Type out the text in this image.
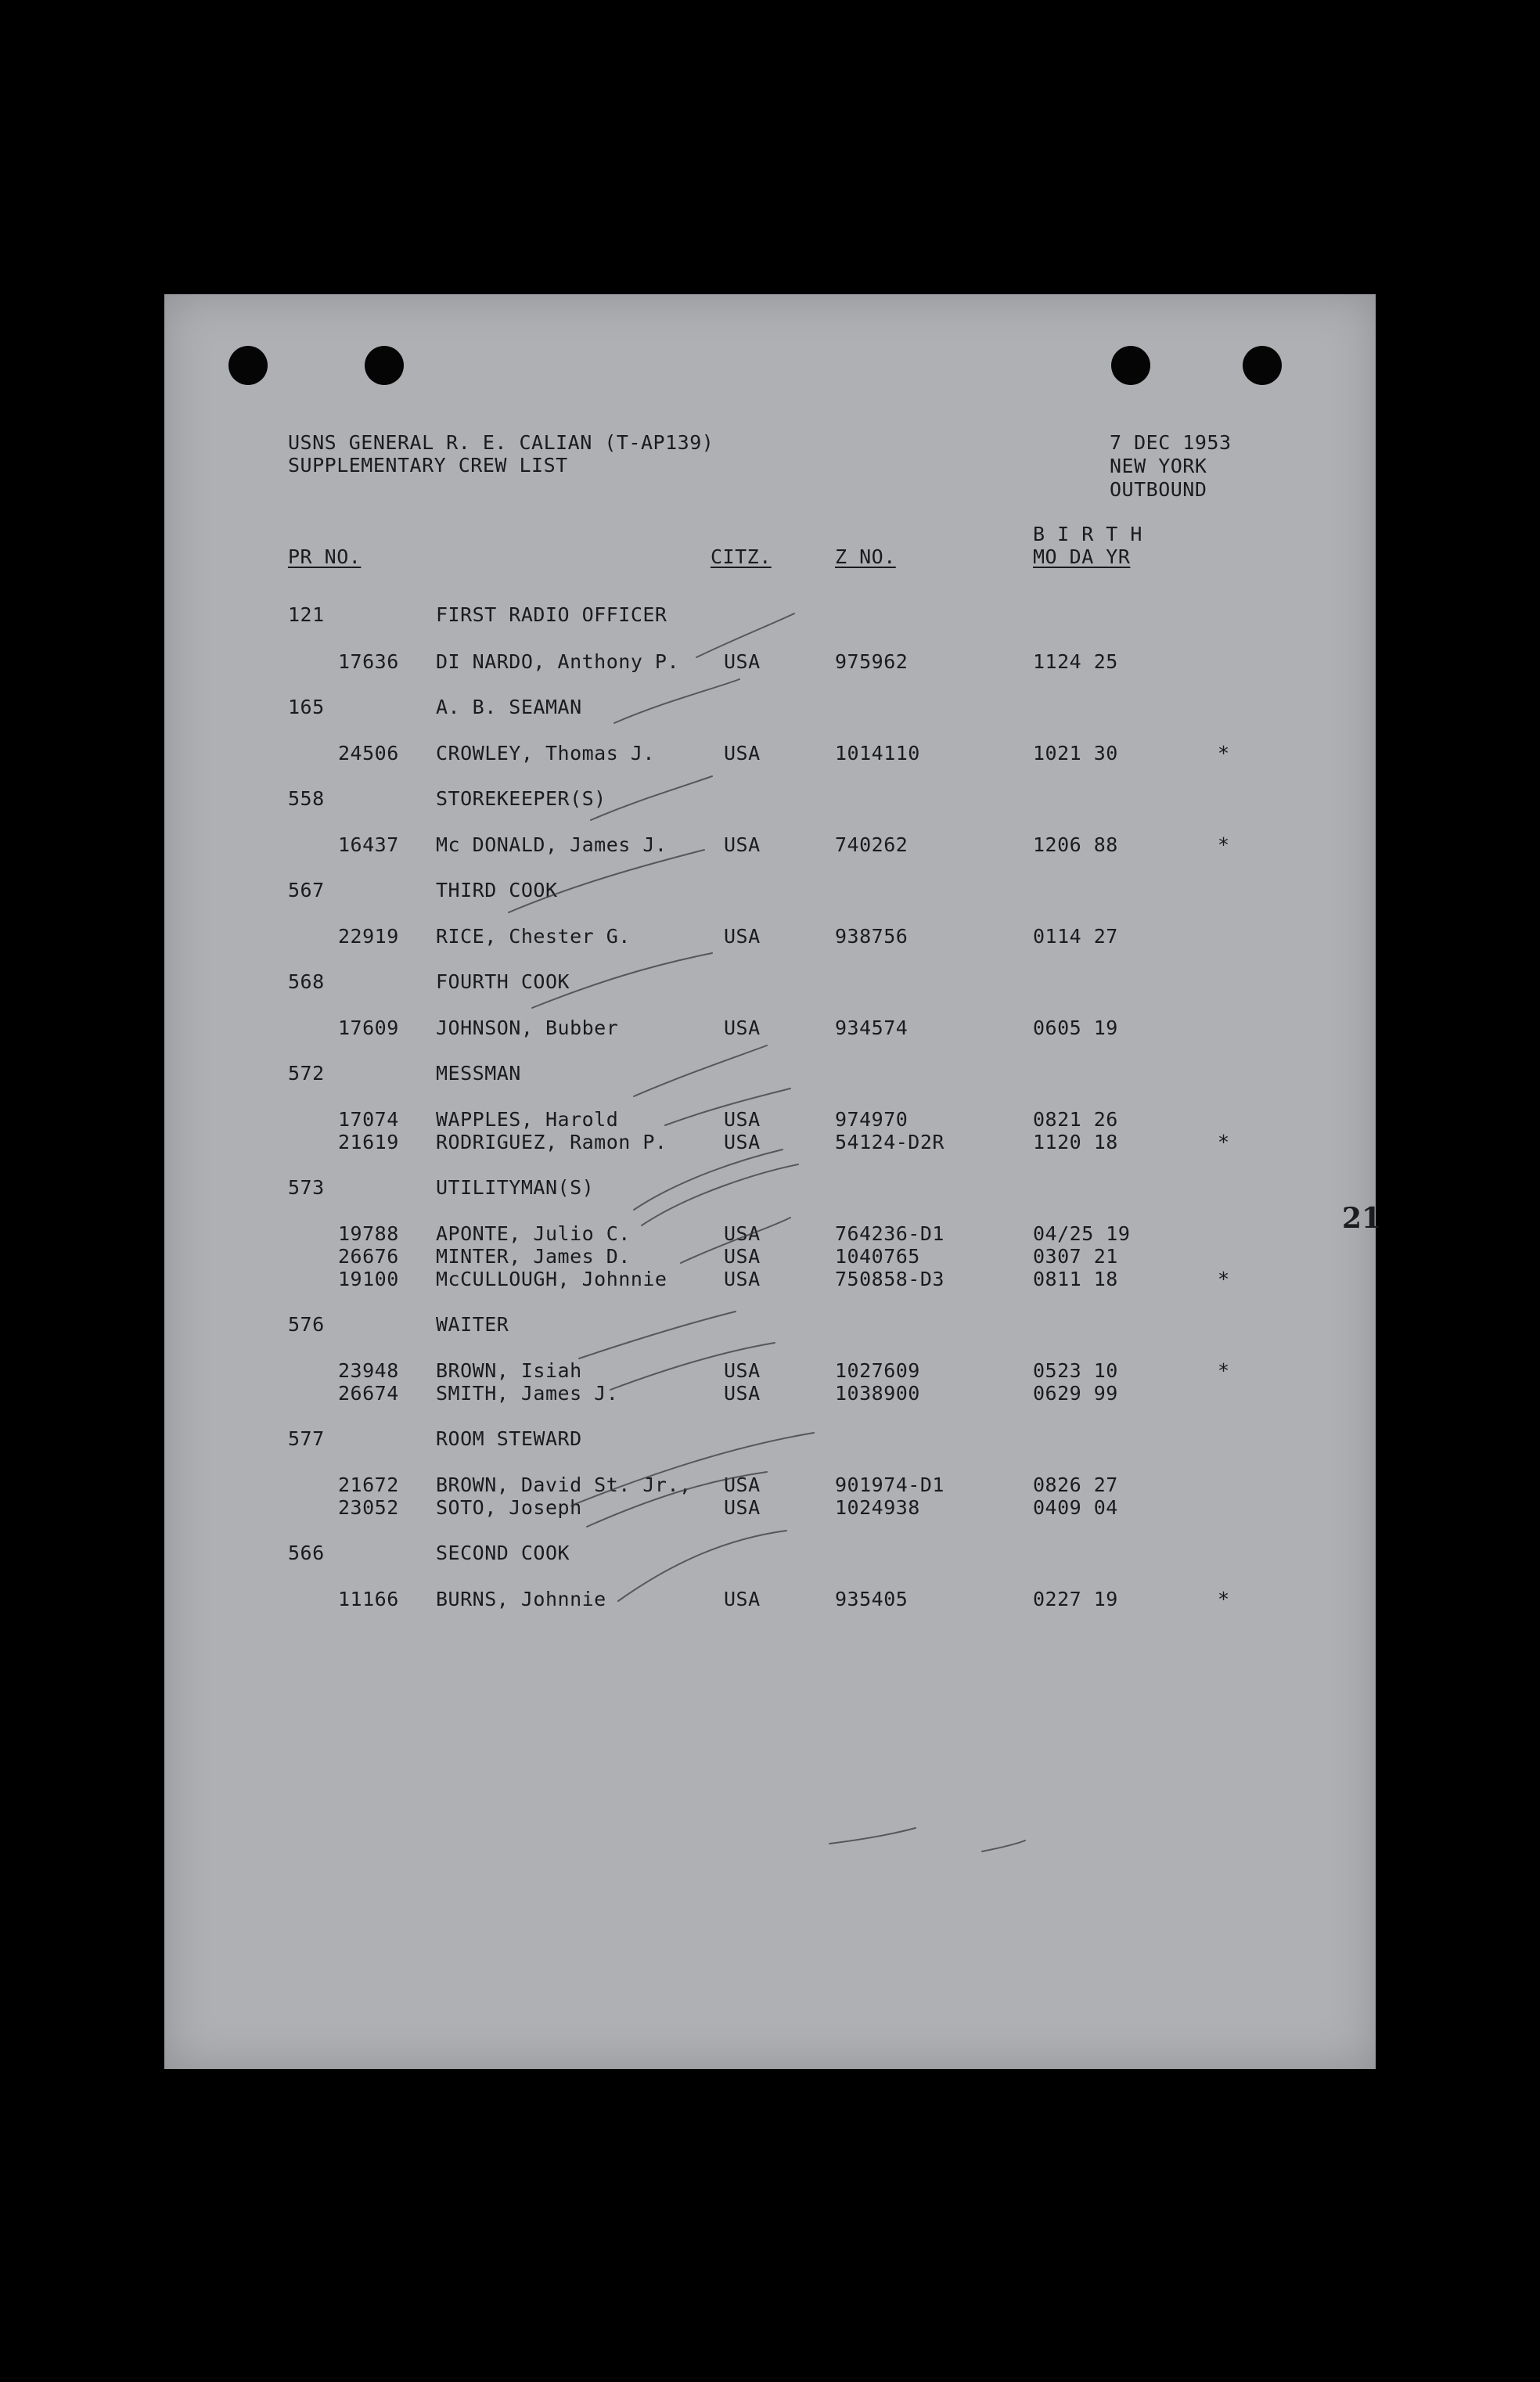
USNS GENERAL R. E. CALIAN (T-AP139)
SUPPLEMENTARY CREW LIST
7 DEC 1953
NEW YORK
OUTBOUND
PR NO.	CITZ.	Z NO.
B I R T H
MO DA YR
121	FIRST RADIO OFFICER
17636 DI NARDO, Anthony P. USA	975962	1124 25
165	A. B. SEAMAN
24506 CROWLEY, Thomas J.	USA	1014110	1021 30	*
558	STOREKEEPER(S)
16437 Mc DONALD, James J.	USA	740262	1206 88	*
567	THIRD COOK
22919 RICE, Chester G.	USA	938756	0114 27
568	FOURTH COOK
17609 JOHNSON, Bubber	USA	934574	0605 19
572	MESSMAN
17074 WAPPLES, Harold	USA	974970	0821 26
21619 RODRIGUEZ, Ramon P.	USA	54124-D2R	1120 18	*
573	UTILITYMAN(S)
19788 APONTE, Julio C.	USA	764236-D1	04/25 19
26676 MINTER, James D.	USA	1040765	0307 21
19100 McCULLOUGH, Johnnie	USA	750858-D3	0811 18	*
576	WAITER
23948 BROWN, Isiah	USA	1027609	0523 10	*
26674 SMITH, James J.	USA	1038900	0629 99
577	ROOM STEWARD
21672 BROWN, David St. Jr., USA	901974-D1	0826 27
23052 SOTO, Joseph	USA	1024938	0409 04
566	SECOND COOK
11166 BURNS, Johnnie	USA	935405	0227 19	*
21
